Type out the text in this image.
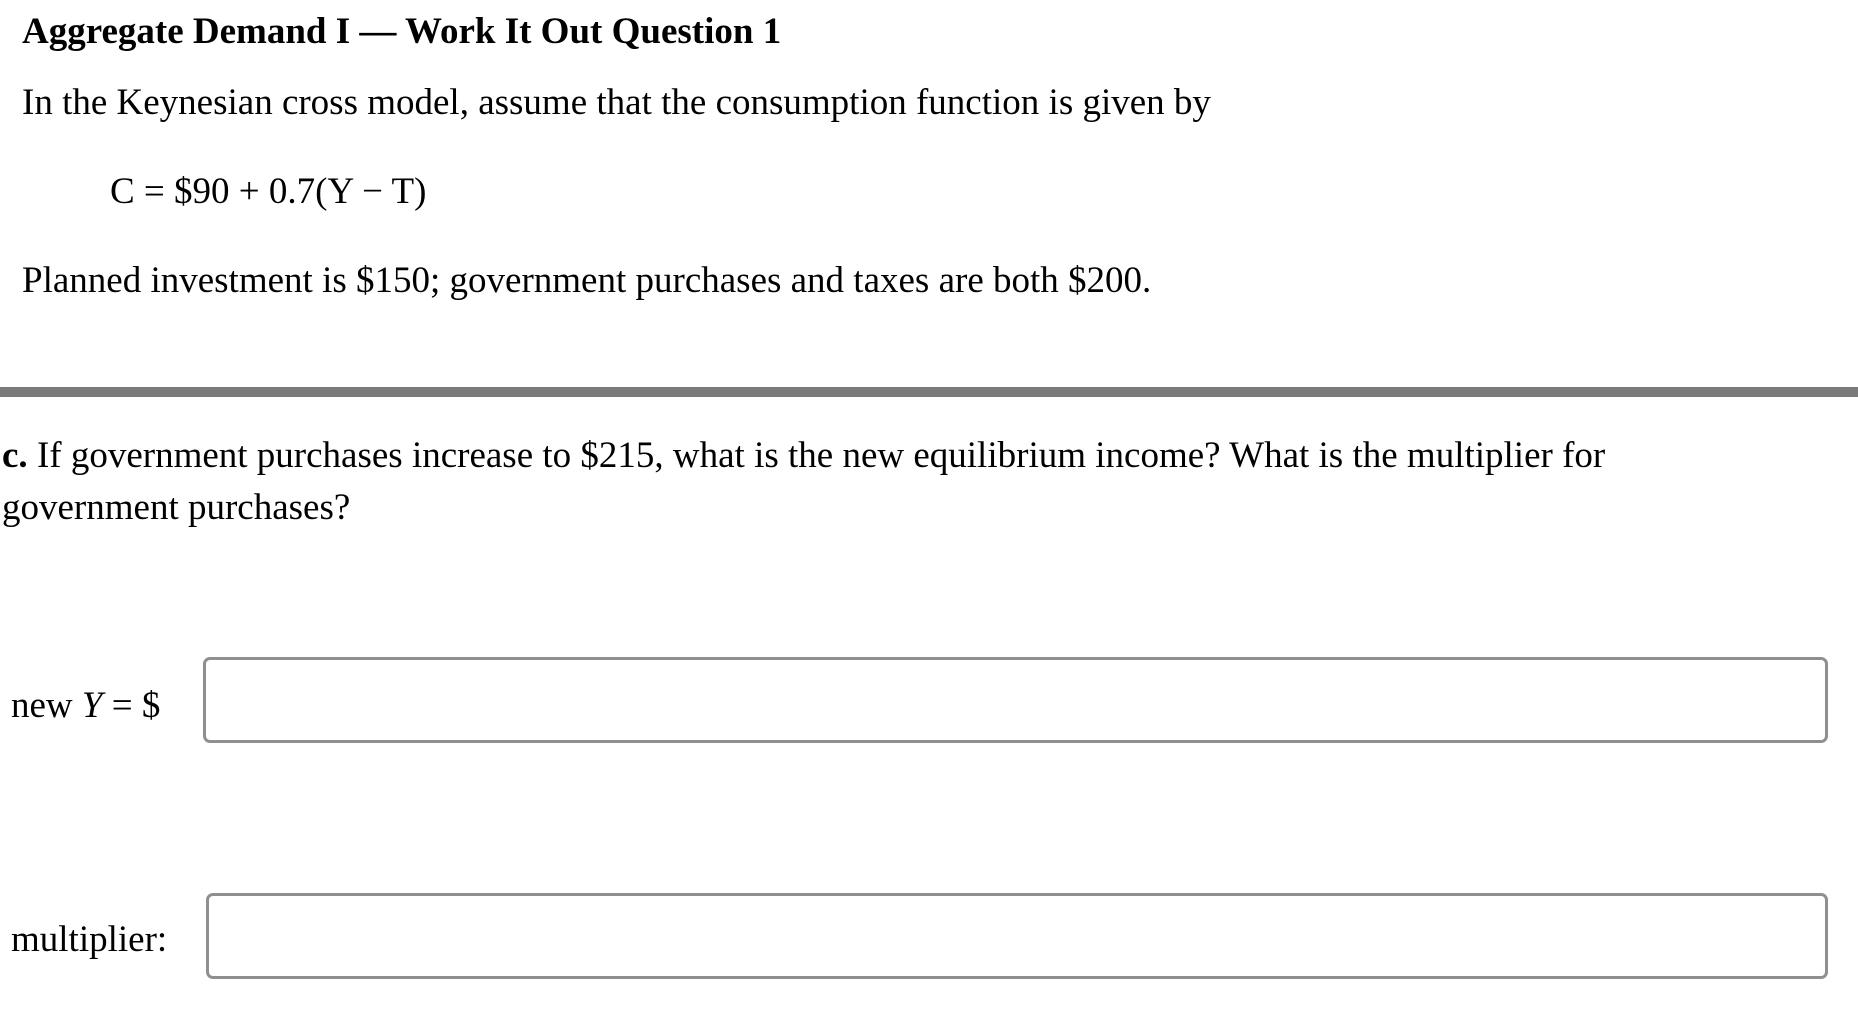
Aggregate Demand I — Work It Out Question 1
In the Keynesian cross model, assume that the consumption function is given by
C = $90 + 0.7(Y − T)
Planned investment is $150; government purchases and taxes are both $200.
c. If government purchases increase to $215, what is the new equilibrium income? What is the multiplier for government purchases?
new Y = $
multiplier:
